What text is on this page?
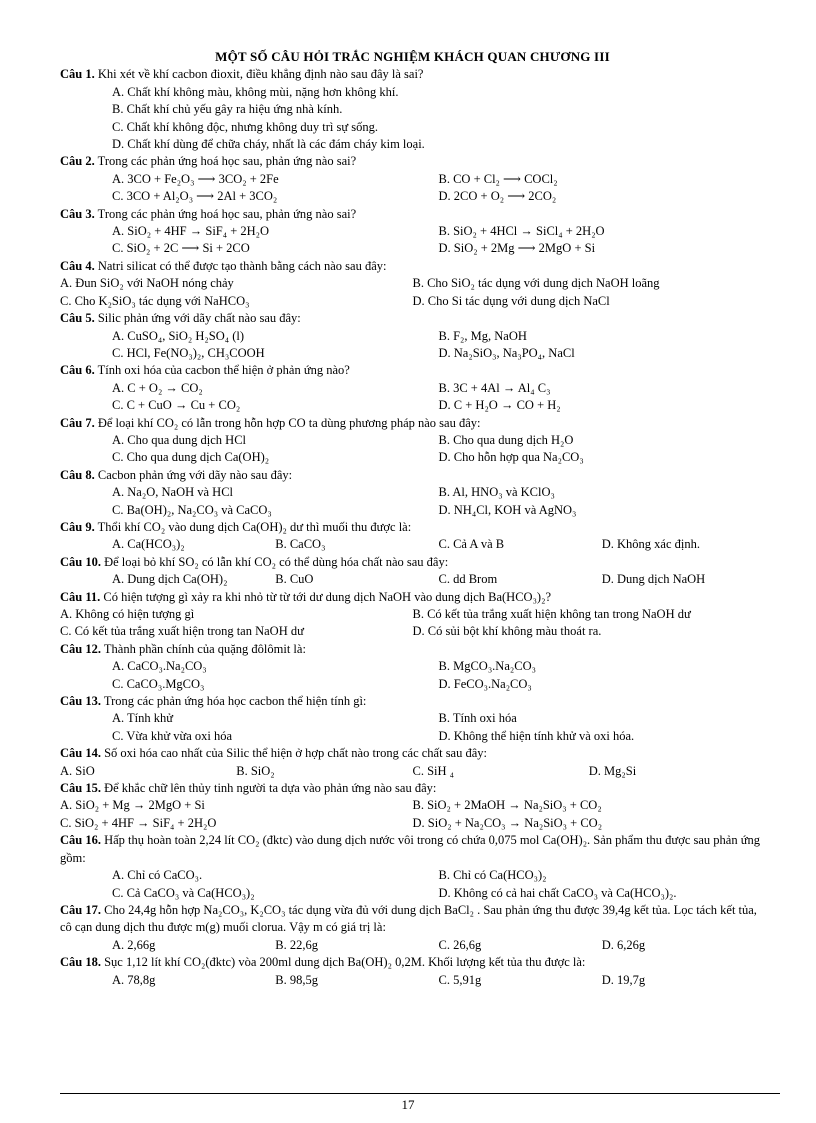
MỘT SỐ CÂU HỎI TRẮC NGHIỆM KHÁCH QUAN CHƯƠNG III
Câu 1. Khi xét về khí cacbon đioxit, điều khẳng định nào sau đây là sai?
A. Chất khí không màu, không mùi, nặng hơn không khí.
B. Chất khí chủ yếu gây ra hiệu ứng nhà kính.
C. Chất khí không độc, nhưng không duy trì sự sống.
D. Chất khí dùng để chữa cháy, nhất là các đám cháy kim loại.
Câu 2. Trong các phản ứng hoá học sau, phản ứng nào sai?
A. 3CO + Fe₂O₃ ⟶ 3CO₂ + 2Fe	B. CO + Cl₂ ⟶ COCl₂
C. 3CO + Al₂O₃ ⟶ 2Al + 3CO₂	D. 2CO + O₂ ⟶ 2CO₂
Câu 3. Trong các phản ứng hoá học sau, phản ứng nào sai?
A. SiO₂ + 4HF → SiF₄ + 2H₂O	B. SiO₂ + 4HCl → SiCl₄ + 2H₂O
C. SiO₂ + 2C ⟶ Si + 2CO	D. SiO₂ + 2Mg ⟶ 2MgO + Si
Câu 4. Natri silicat có thể được tạo thành bằng cách nào sau đây:
A. Đun SiO₂ với NaOH nóng chảy	B. Cho SiO₂ tác dụng với dung dịch NaOH loãng
C. Cho K₂SiO₃ tác dụng với NaHCO₃	D. Cho Si tác dụng với dung dịch NaCl
Câu 5. Silic phản ứng với dãy chất nào sau đây:
A. CuSO₄, SiO₂ H₂SO₄ (l)	B. F₂, Mg, NaOH
C. HCl, Fe(NO₃)₂, CH₃COOH	D. Na₂SiO₃, Na₃PO₄, NaCl
Câu 6. Tính oxi hóa của cacbon thể hiện ở phản ứng nào?
A. C + O₂ → CO₂	B. 3C + 4Al → Al₄ C₃
C. C + CuO → Cu + CO₂	D. C + H₂O → CO + H₂
Câu 7. Để loại khí CO₂ có lẫn trong hỗn hợp CO ta dùng phương pháp nào sau đây:
A. Cho qua dung dịch HCl	B. Cho qua dung dịch H₂O
C. Cho qua dung dịch Ca(OH)₂	D. Cho hỗn hợp qua Na₂CO₃
Câu 8. Cacbon phản ứng với dãy nào sau đây:
A. Na₂O, NaOH và HCl	B. Al, HNO₃ và KClO₃
C. Ba(OH)₂, Na₂CO₃ và CaCO₃	D. NH₄Cl, KOH và AgNO₃
Câu 9. Thổi khí CO₂ vào dung dịch Ca(OH)₂ dư thì muối thu được là:
A. Ca(HCO₃)₂	B. CaCO₃	C. Cả A và B	D. Không xác định.
Câu 10. Để loại bỏ khí SO₂ có lẫn khí CO₂ có thể dùng hóa chất nào sau đây:
A. Dung dịch Ca(OH)₂	B. CuO	C. dd Brom	D. Dung dịch NaOH
Câu 11. Có hiện tượng gì xảy ra khi nhỏ từ từ tới dư dung dịch NaOH vào dung dịch Ba(HCO₃)₂?
A. Không có hiện tượng gì	B. Có kết tủa trắng xuất hiện không tan trong NaOH dư
C. Có kết tủa trắng xuất hiện trong tan NaOH dư	D. Có sủi bột khí không màu thoát ra.
Câu 12. Thành phần chính của quặng đôlômit là:
A. CaCO₃.Na₂CO₃	B. MgCO₃.Na₂CO₃
C. CaCO₃.MgCO₃	D. FeCO₃.Na₂CO₃
Câu 13. Trong các phản ứng hóa học cacbon thể hiện tính gì:
A. Tính khử	B. Tính oxi hóa
C. Vừa khử vừa oxi hóa	D. Không thể hiện tính khử và oxi hóa.
Câu 14. Số oxi hóa cao nhất của Silic thể hiện ở hợp chất nào trong các chất sau đây:
A. SiO	B. SiO₂	C. SiH ₄	D. Mg₂Si
Câu 15. Để khắc chữ lên thủy tinh người ta dựa vào phản ứng nào sau đây:
A. SiO₂ + Mg → 2MgO + Si	B. SiO₂ + 2MaOH → Na₂SiO₃ + CO₂
C. SiO₂ + 4HF → SiF₄ + 2H₂O	D. SiO₂ + Na₂CO₃ → Na₂SiO₃ + CO₂
Câu 16. Hấp thụ hoàn toàn 2,24 lít CO₂ (đktc) vào dung dịch nước vôi trong có chứa 0,075 mol Ca(OH)₂. Sản phẩm thu được sau phản ứng gồm:
A. Chỉ có CaCO₃.	B. Chỉ có Ca(HCO₃)₂
C. Cả CaCO₃ và Ca(HCO₃)₂	D. Không có cả hai chất CaCO₃ và Ca(HCO₃)₂.
Câu 17. Cho 24,4g hỗn hợp Na₂CO₃, K₂CO₃ tác dụng vừa đủ với dung dịch BaCl₂ . Sau phản ứng thu được 39,4g kết tủa. Lọc tách kết tủa, cô cạn dung dịch thu được m(g) muối clorua. Vậy m có giá trị là:
A. 2,66g	B. 22,6g	C. 26,6g	D. 6,26g
Câu 18. Sục 1,12 lít khí CO₂(đktc) vòa 200ml dung dịch Ba(OH)₂ 0,2M. Khối lượng kết tủa thu được là:
A. 78,8g	B. 98,5g	C. 5,91g	D. 19,7g
17
